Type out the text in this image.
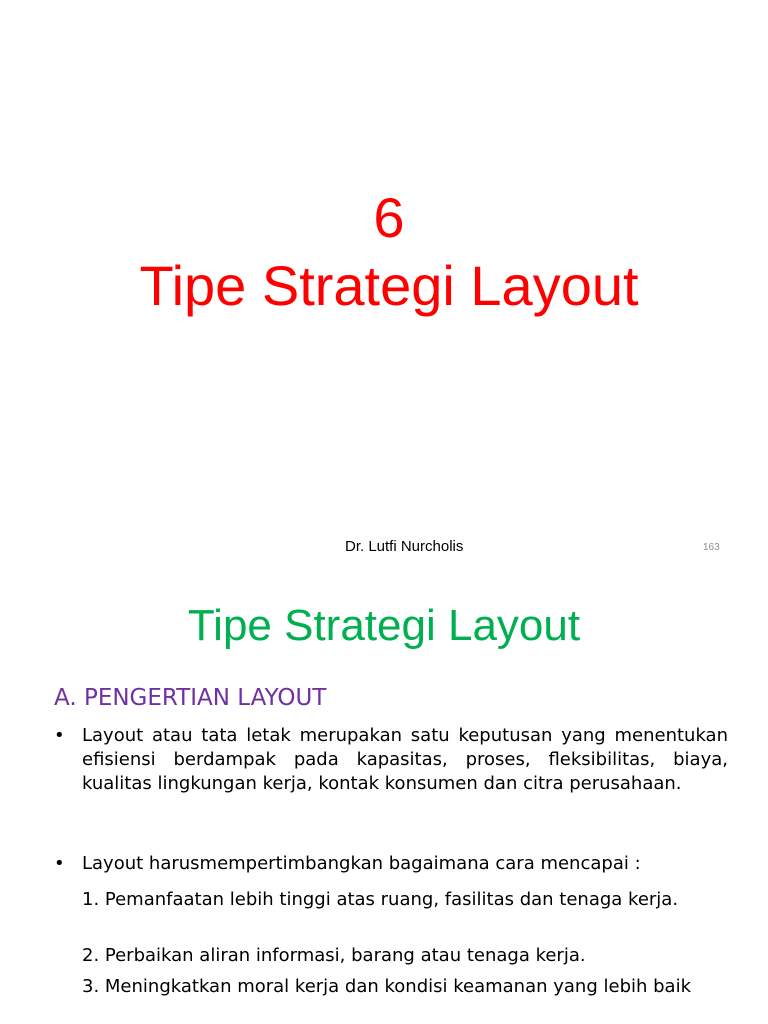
6
Tipe Strategi Layout
Dr. Lutfi Nurcholis	163
Tipe Strategi Layout
A. PENGERTIAN LAYOUT
• Layout atau tata letak merupakan satu keputusan yang menentukan efisiensi berdampak pada kapasitas, proses, fleksibilitas, biaya, kualitas lingkungan kerja, kontak konsumen dan citra perusahaan.
• Layout harusmempertimbangkan bagaimana cara mencapai :
1. Pemanfaatan lebih tinggi atas ruang, fasilitas dan tenaga kerja.
2. Perbaikan aliran informasi, barang atau tenaga kerja.
3. Meningkatkan moral kerja dan kondisi keamanan yang lebih baik
